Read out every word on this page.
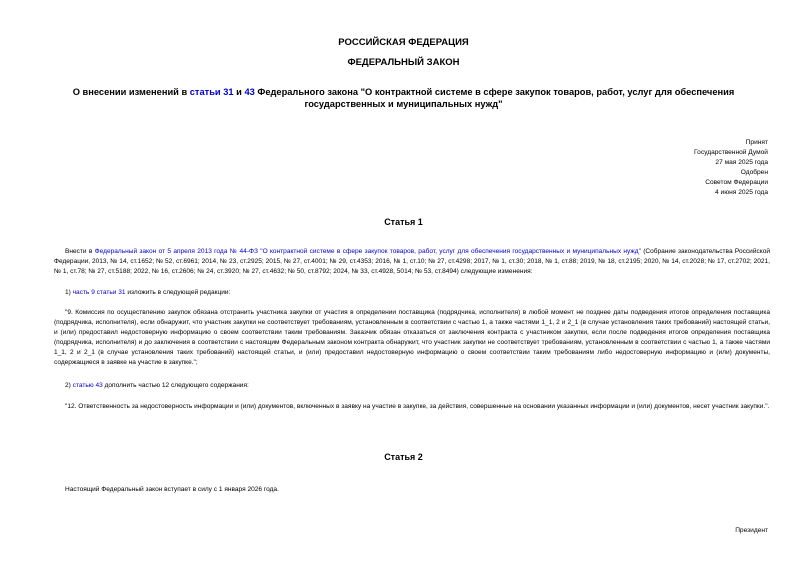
РОССИЙСКАЯ ФЕДЕРАЦИЯ
ФЕДЕРАЛЬНЫЙ ЗАКОН
О внесении изменений в статьи 31 и 43 Федерального закона "О контрактной системе в сфере закупок товаров, работ, услуг для обеспечения государственных и муниципальных нужд"
Принят
Государственной Думой
27 мая 2025 года
Одобрен
Советом Федерации
4 июня 2025 года
Статья 1
Внести в Федеральный закон от 5 апреля 2013 года № 44-ФЗ "О контрактной системе в сфере закупок товаров, работ, услуг для обеспечения государственных и муниципальных нужд" (Собрание законодательства Российской Федерации, 2013, № 14, ст.1652; № 52, ст.6961; 2014, № 23, ст.2925; 2015, № 27, ст.4001; № 29, ст.4353; 2016, № 1, ст.10; № 27, ст.4298; 2017, № 1, ст.30; 2018, № 1, ст.88; 2019, № 18, ст.2195; 2020, № 14, ст.2028; № 17, ст.2702; 2021, № 1, ст.78; № 27, ст.5188; 2022, № 16, ст.2606; № 24, ст.3920; № 27, ст.4632; № 50, ст.8792; 2024, № 33, ст.4928, 5014; № 53, ст.8494) следующие изменения:
1) часть 9 статьи 31 изложить в следующей редакции:
"9. Комиссия по осуществлению закупок обязана отстранить участника закупки от участия в определении поставщика (подрядчика, исполнителя) в любой момент не позднее даты подведения итогов определения поставщика (подрядчика, исполнителя), если обнаружит, что участник закупки не соответствует требованиям, установленным в соответствии с частью 1, а также частями 1_1, 2 и 2_1 (в случае установления таких требований) настоящей статьи, и (или) предоставил недостоверную информацию о своем соответствии таким требованиям. Заказчик обязан отказаться от заключения контракта с участником закупки, если после подведения итогов определения поставщика (подрядчика, исполнителя) и до заключения в соответствии с настоящим Федеральным законом контракта обнаружит, что участник закупки не соответствует требованиям, установленным в соответствии с частью 1, а также частями 1_1, 2 и 2_1 (в случае установления таких требований) настоящей статьи, и (или) предоставил недостоверную информацию о своем соответствии таким требованиям либо недостоверную информацию и (или) документы, содержащиеся в заявке на участие в закупке.";
2) статью 43 дополнить частью 12 следующего содержания:
"12. Ответственность за недостоверность информации и (или) документов, включенных в заявку на участие в закупке, за действия, совершенные на основании указанных информации и (или) документов, несет участник закупки.".
Статья 2
Настоящий Федеральный закон вступает в силу с 1 января 2026 года.
Президент
